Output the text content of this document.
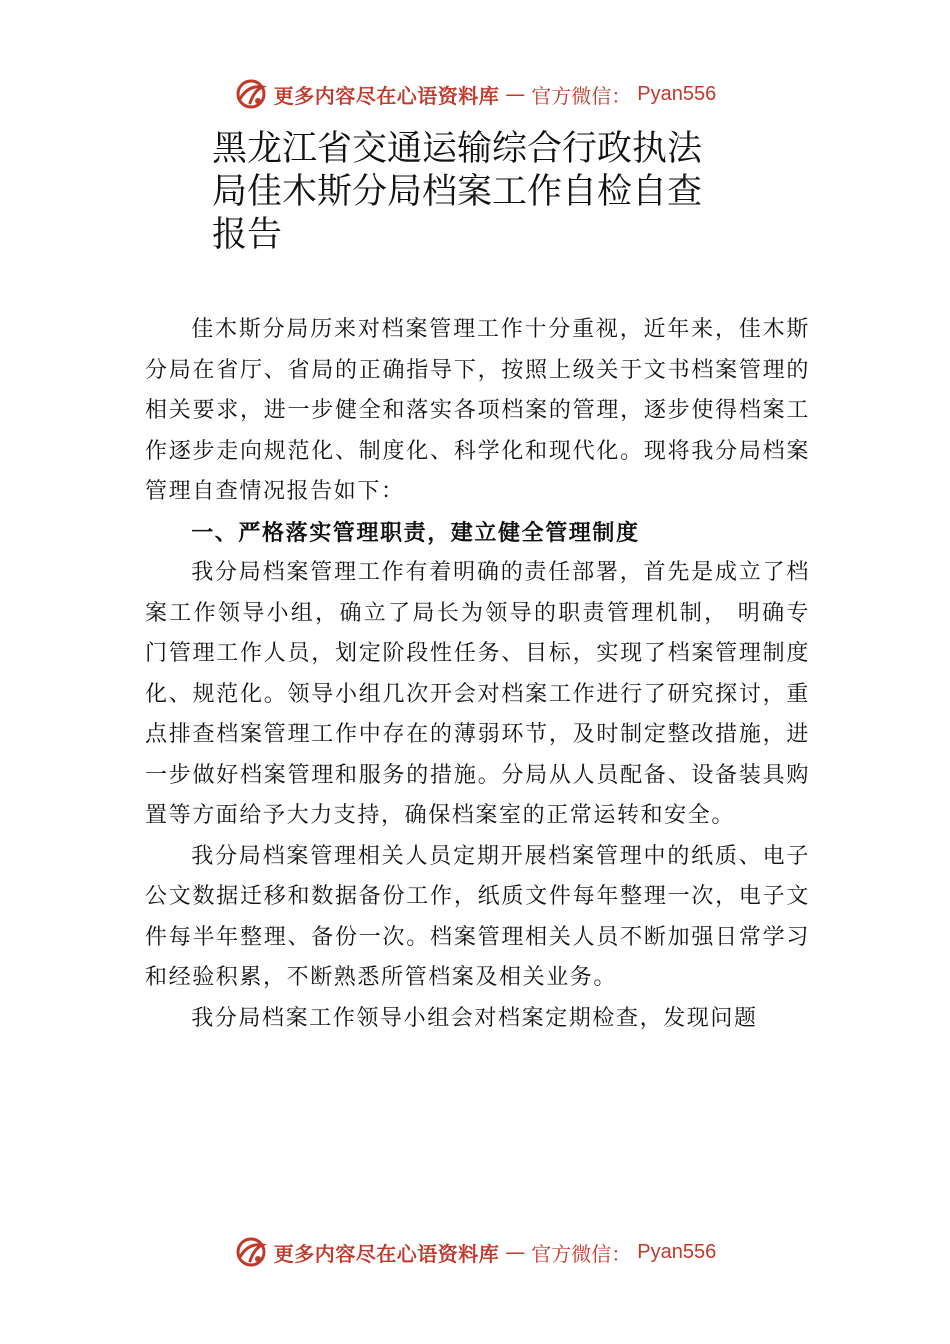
更多内容尽在心语资料库 — 官方微信： Pyan556
黑龙江省交通运输综合行政执法局佳木斯分局档案工作自检自查报告

佳木斯分局历来对档案管理工作十分重视，近年来，佳木斯分局在省厅、省局的正确指导下，按照上级关于文书档案管理的相关要求，进一步健全和落实各项档案的管理，逐步使得档案工作逐步走向规范化、制度化、科学化和现代化。现将我分局档案管理自查情况报告如下：

一、严格落实管理职责，建立健全管理制度

我分局档案管理工作有着明确的责任部署，首先是成立了档案工作领导小组，确立了局长为领导的职责管理机制， 明确专门管理工作人员，划定阶段性任务、目标，实现了档案管理制度化、规范化。领导小组几次开会对档案工作进行了研究探讨，重点排查档案管理工作中存在的薄弱环节，及时制定整改措施，进一步做好档案管理和服务的措施。分局从人员配备、设备装具购置等方面给予大力支持，确保档案室的正常运转和安全。

我分局档案管理相关人员定期开展档案管理中的纸质、电子公文数据迁移和数据备份工作，纸质文件每年整理一次，电子文件每半年整理、备份一次。档案管理相关人员不断加强日常学习和经验积累，不断熟悉所管档案及相关业务。

我分局档案工作领导小组会对档案定期检查，发现问题

更多内容尽在心语资料库 — 官方微信： Pyan556
